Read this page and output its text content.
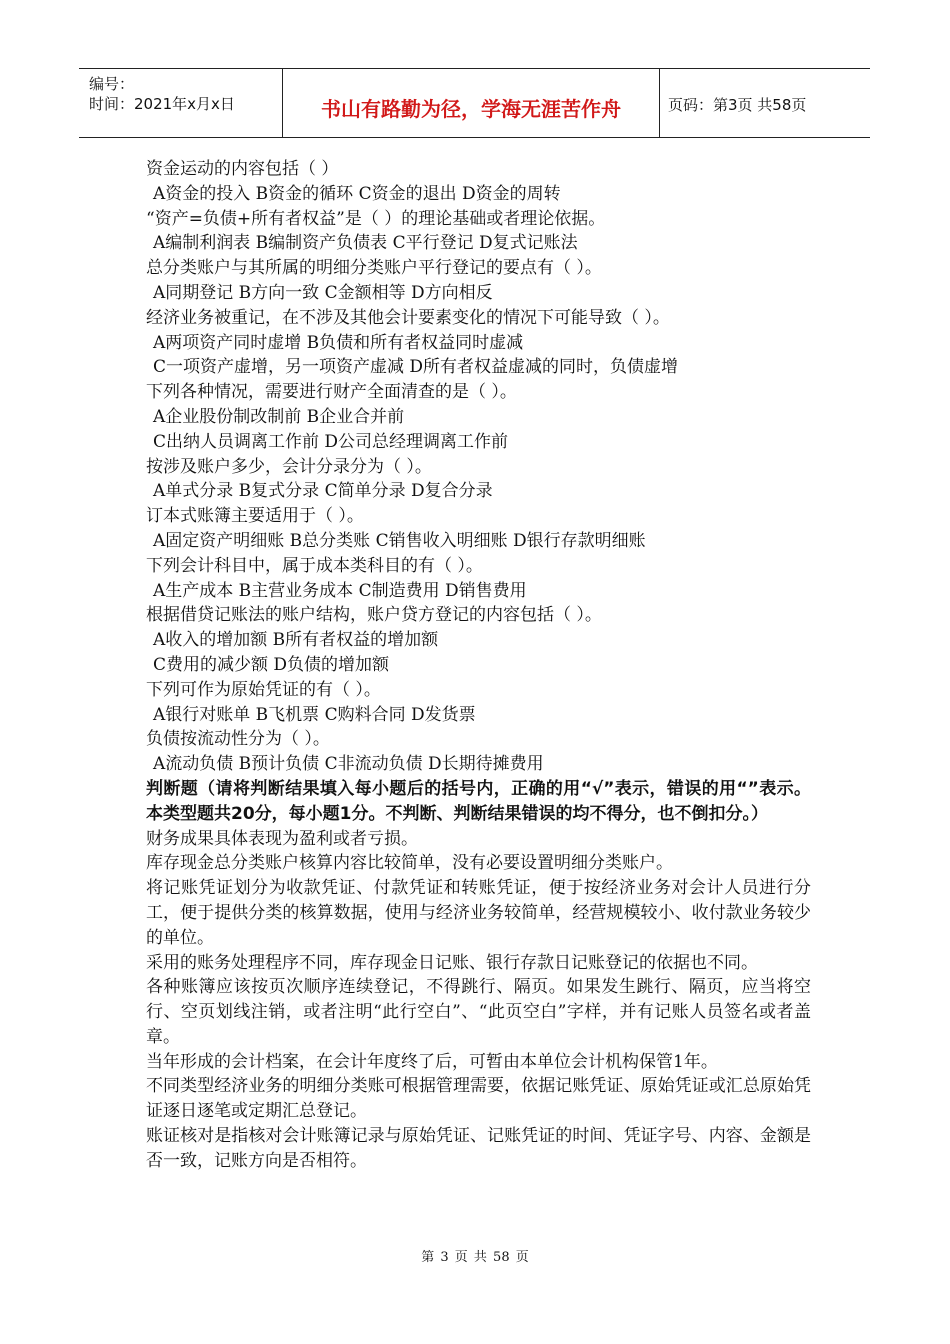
编号：
时间：2021年x月x日	书山有路勤为径，学海无涯苦作舟	页码：第3页 共58页
资金运动的内容包括（ ）
A资金的投入 B资金的循环 C资金的退出 D资金的周转
“资产=负债+所有者权益”是（ ）的理论基础或者理论依据。
A编制利润表 B编制资产负债表 C平行登记 D复式记账法
总分类账户与其所属的明细分类账户平行登记的要点有（ ）。
A同期登记 B方向一致 C金额相等 D方向相反
经济业务被重记，在不涉及其他会计要素变化的情况下可能导致（ ）。
A两项资产同时虚增 B负债和所有者权益同时虚减
C一项资产虚增，另一项资产虚减 D所有者权益虚减的同时，负债虚增
下列各种情况，需要进行财产全面清查的是（ ）。
A企业股份制改制前 B企业合并前
C出纳人员调离工作前 D公司总经理调离工作前
按涉及账户多少，会计分录分为（ ）。
A单式分录 B复式分录 C简单分录 D复合分录
订本式账簿主要适用于（ ）。
A固定资产明细账 B总分类账 C销售收入明细账 D银行存款明细账
下列会计科目中，属于成本类科目的有（ ）。
A生产成本 B主营业务成本 C制造费用 D销售费用
根据借贷记账法的账户结构，账户贷方登记的内容包括（ ）。
A收入的增加额 B所有者权益的增加额
C费用的减少额 D负债的增加额
下列可作为原始凭证的有（ ）。
A银行对账单 B飞机票 C购料合同 D发货票
负债按流动性分为（ ）。
A流动负债 B预计负债 C非流动负债 D长期待摊费用
判断题（请将判断结果填入每小题后的括号内，正确的用“√”表示，错误的用“”表示。本类型题共20分，每小题1分。不判断、判断结果错误的均不得分，也不倒扣分。）
财务成果具体表现为盈利或者亏损。
库存现金总分类账户核算内容比较简单，没有必要设置明细分类账户。
将记账凭证划分为收款凭证、付款凭证和转账凭证，便于按经济业务对会计人员进行分工，便于提供分类的核算数据，使用与经济业务较简单，经营规模较小、收付款业务较少的单位。
采用的账务处理程序不同，库存现金日记账、银行存款日记账登记的依据也不同。
各种账簿应该按页次顺序连续登记，不得跳行、隔页。如果发生跳行、隔页，应当将空行、空页划线注销，或者注明“此行空白”、“此页空白”字样，并有记账人员签名或者盖章。
当年形成的会计档案，在会计年度终了后，可暂由本单位会计机构保管1年。
不同类型经济业务的明细分类账可根据管理需要，依据记账凭证、原始凭证或汇总原始凭证逐日逐笔或定期汇总登记。
账证核对是指核对会计账簿记录与原始凭证、记账凭证的时间、凭证字号、内容、金额是否一致，记账方向是否相符。
第 3 页 共 58 页
